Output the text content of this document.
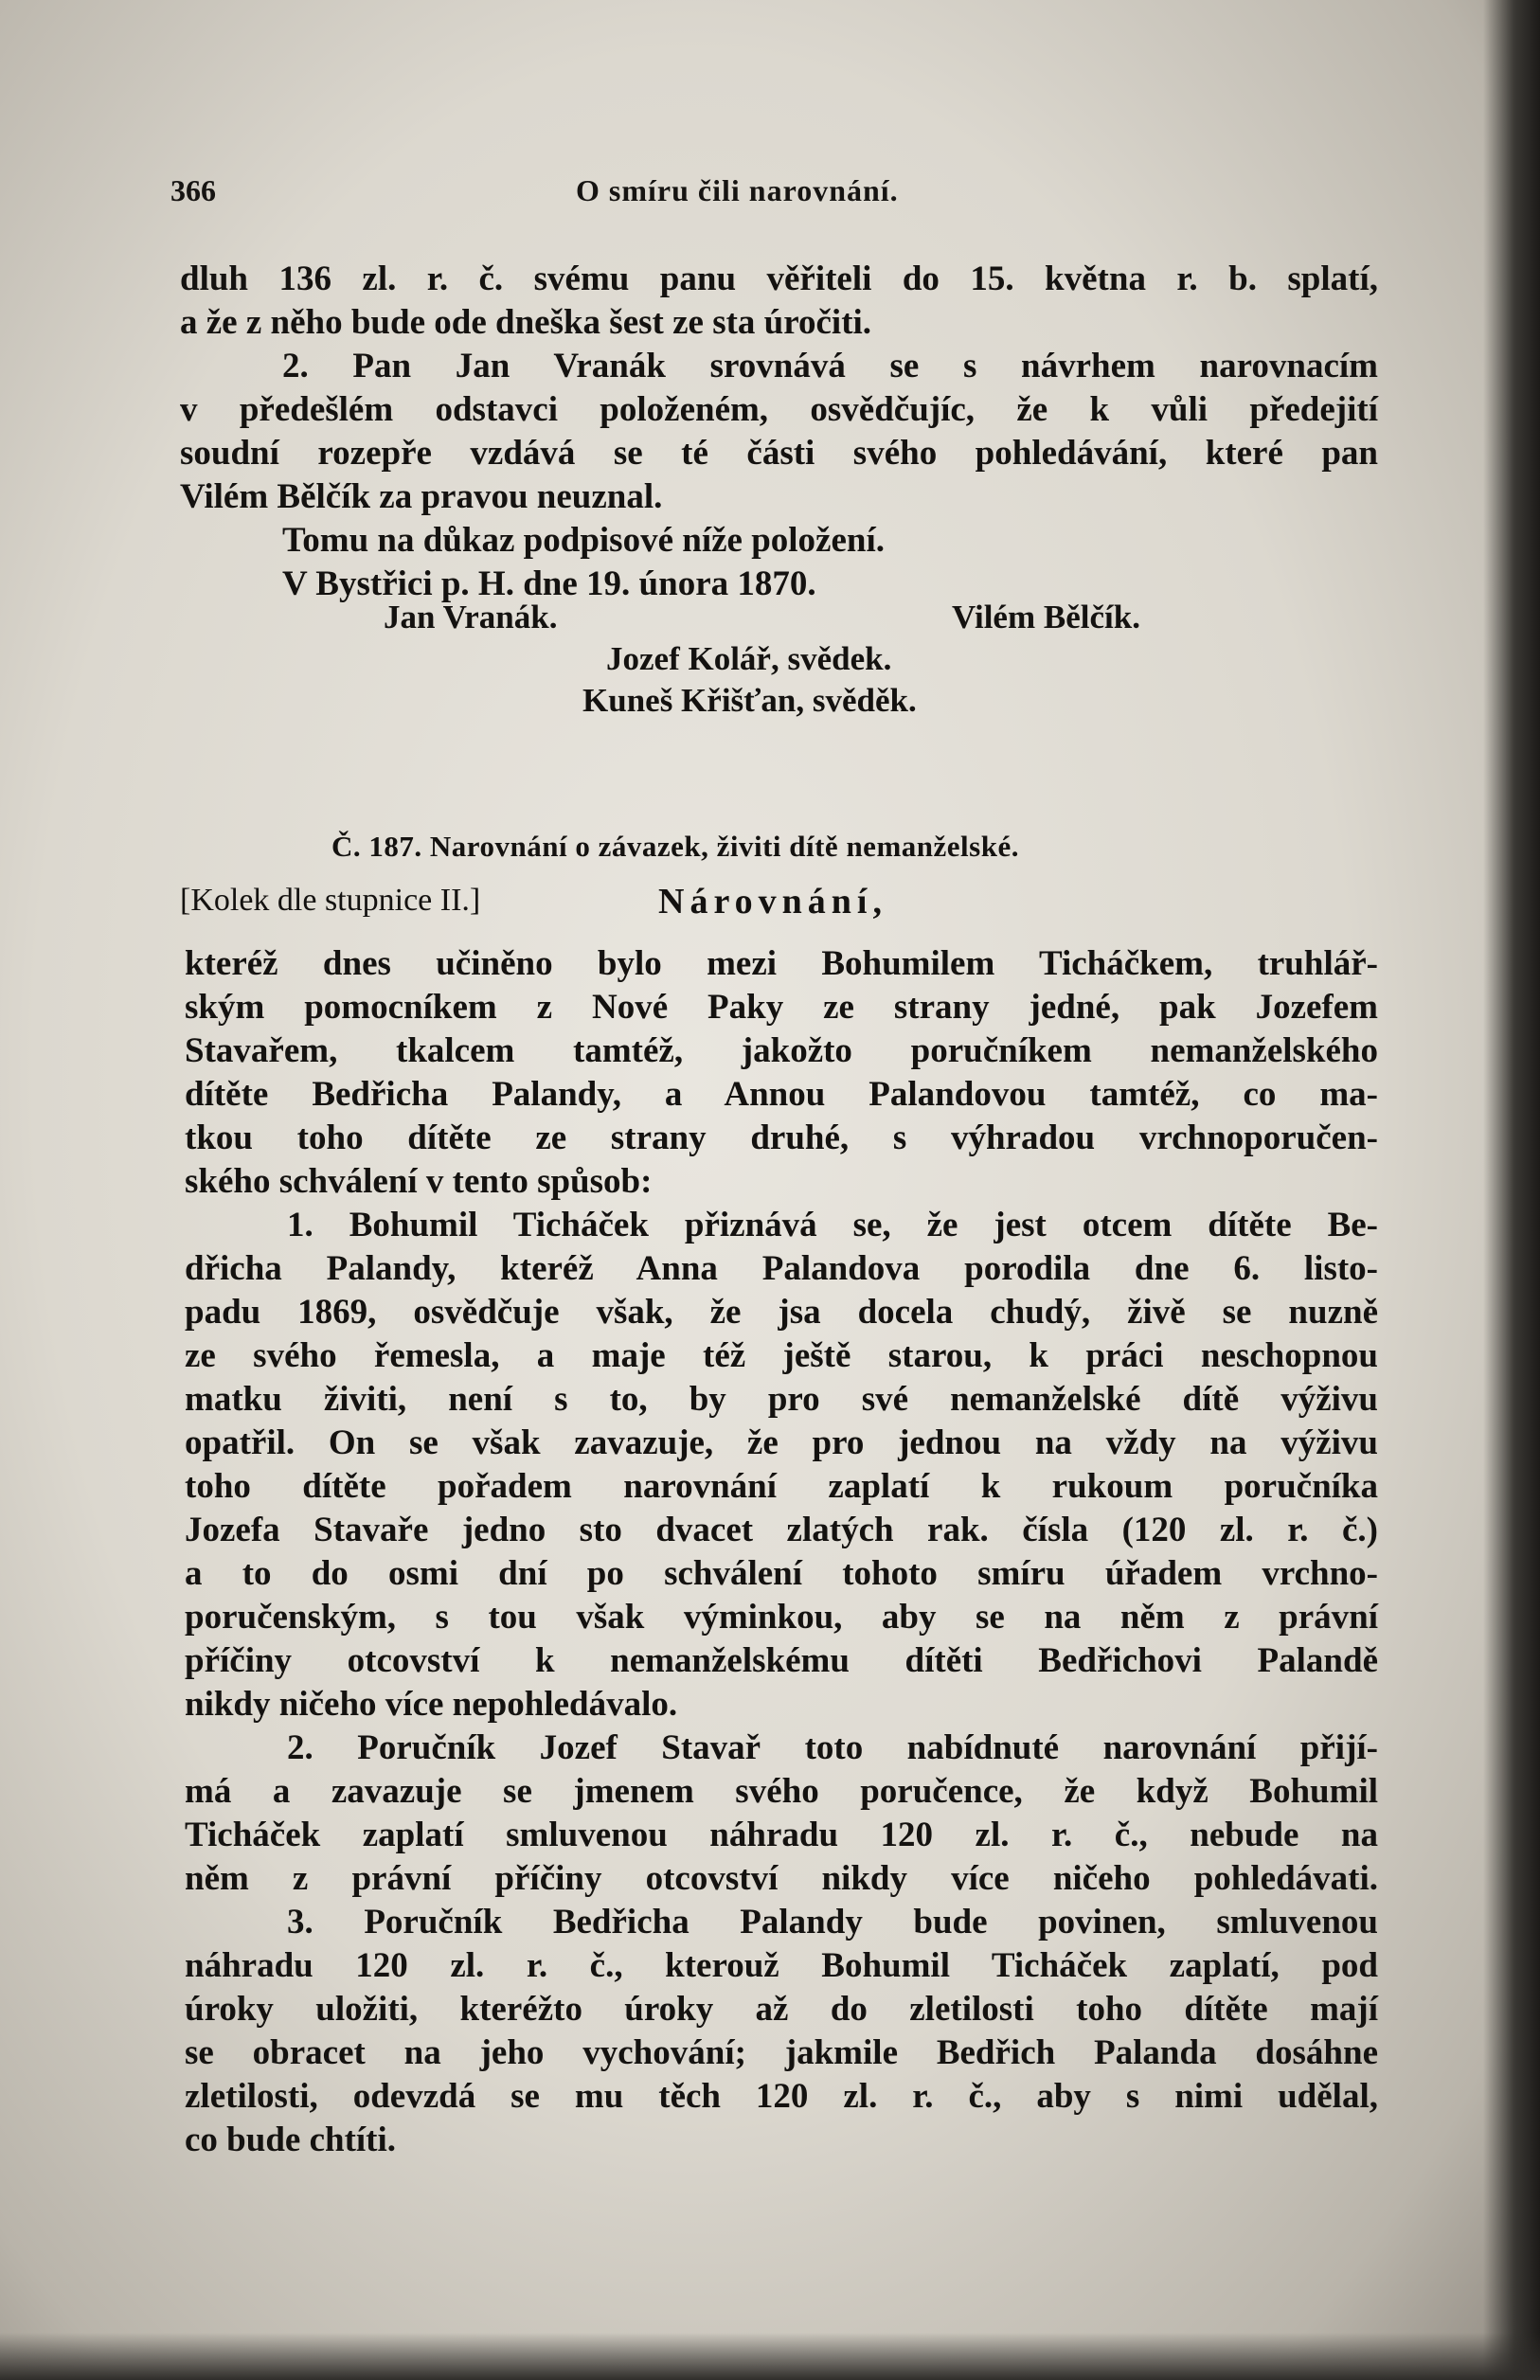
366	O smíru čili narovnání.
dluh 136 zl. r. č. svému panu věřiteli do 15. května r. b. splatí,
a že z něho bude ode dneška šest ze sta úročiti.
2. Pan Jan Vranák srovnává se s návrhem narovnacím
v předešlém odstavci položeném, osvědčujíc, že k vůli předejití
soudní rozepře vzdává se té části svého pohledávání, které pan
Vilém Bělčík za pravou neuznal.
Tomu na důkaz podpisové níže položení.
V Bystřici p. H. dne 19. února 1870.
Jan Vranák.	Vilém Bělčík.
Jozef Kolář, svědek.
Kuneš Křišťan, svěděk.
Č. 187. Narovnání o závazek, živiti dítě nemanželské.
[Kolek dle stupnice II.]	Nárovnání,
kteréž dnes učiněno bylo mezi Bohumilem Ticháčkem, truhlář-
ským pomocníkem z Nové Paky ze strany jedné, pak Jozefem
Stavařem, tkalcem tamtéž, jakožto poručníkem nemanželského
dítěte Bedřicha Palandy, a Annou Palandovou tamtéž, co ma-
tkou toho dítěte ze strany druhé, s výhradou vrchnoporučen-
ského schválení v tento spůsob:
1. Bohumil Ticháček přiznává se, že jest otcem dítěte Be-
dřicha Palandy, kteréž Anna Palandova porodila dne 6. listo-
padu 1869, osvědčuje však, že jsa docela chudý, živě se nuzně
ze svého řemesla, a maje též ještě starou, k práci neschopnou
matku živiti, není s to, by pro své nemanželské dítě výživu
opatřil. On se však zavazuje, že pro jednou na vždy na výživu
toho dítěte pořadem narovnání zaplatí k rukoum poručníka
Jozefa Stavaře jedno sto dvacet zlatých rak. čísla (120 zl. r. č.)
a to do osmi dní po schválení tohoto smíru úřadem vrchno-
poručenským, s tou však výminkou, aby se na něm z právní
příčiny otcovství k nemanželskému dítěti Bedřichovi Palandě
nikdy ničeho více nepohledávalo.
2. Poručník Jozef Stavař toto nabídnuté narovnání přijí-
má a zavazuje se jmenem svého poručence, že když Bohumil
Ticháček zaplatí smluvenou náhradu 120 zl. r. č., nebude na
něm z právní příčiny otcovství nikdy více ničeho pohledávati.
3. Poručník Bedřicha Palandy bude povinen, smluvenou
náhradu 120 zl. r. č., kterouž Bohumil Ticháček zaplatí, pod
úroky uložiti, kteréžto úroky až do zletilosti toho dítěte mají
se obracet na jeho vychování; jakmile Bedřich Palanda dosáhne
zletilosti, odevzdá se mu těch 120 zl. r. č., aby s nimi udělal,
co bude chtíti.
